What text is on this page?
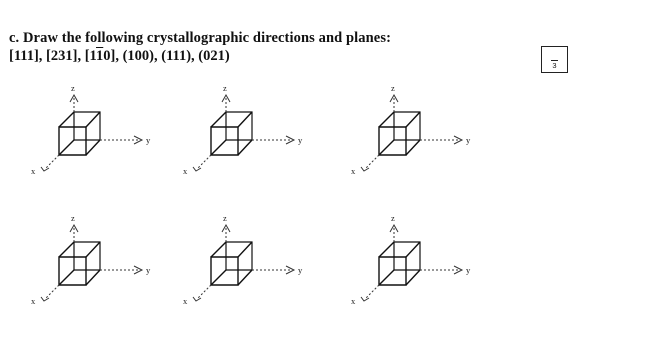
c. Draw the following crystallographic directions and planes:
[111], [231], [110], (100), (111), (021)
3
z
y
x
z
y
x
z
y
x
z
y
x
z
y
x
z
y
x
